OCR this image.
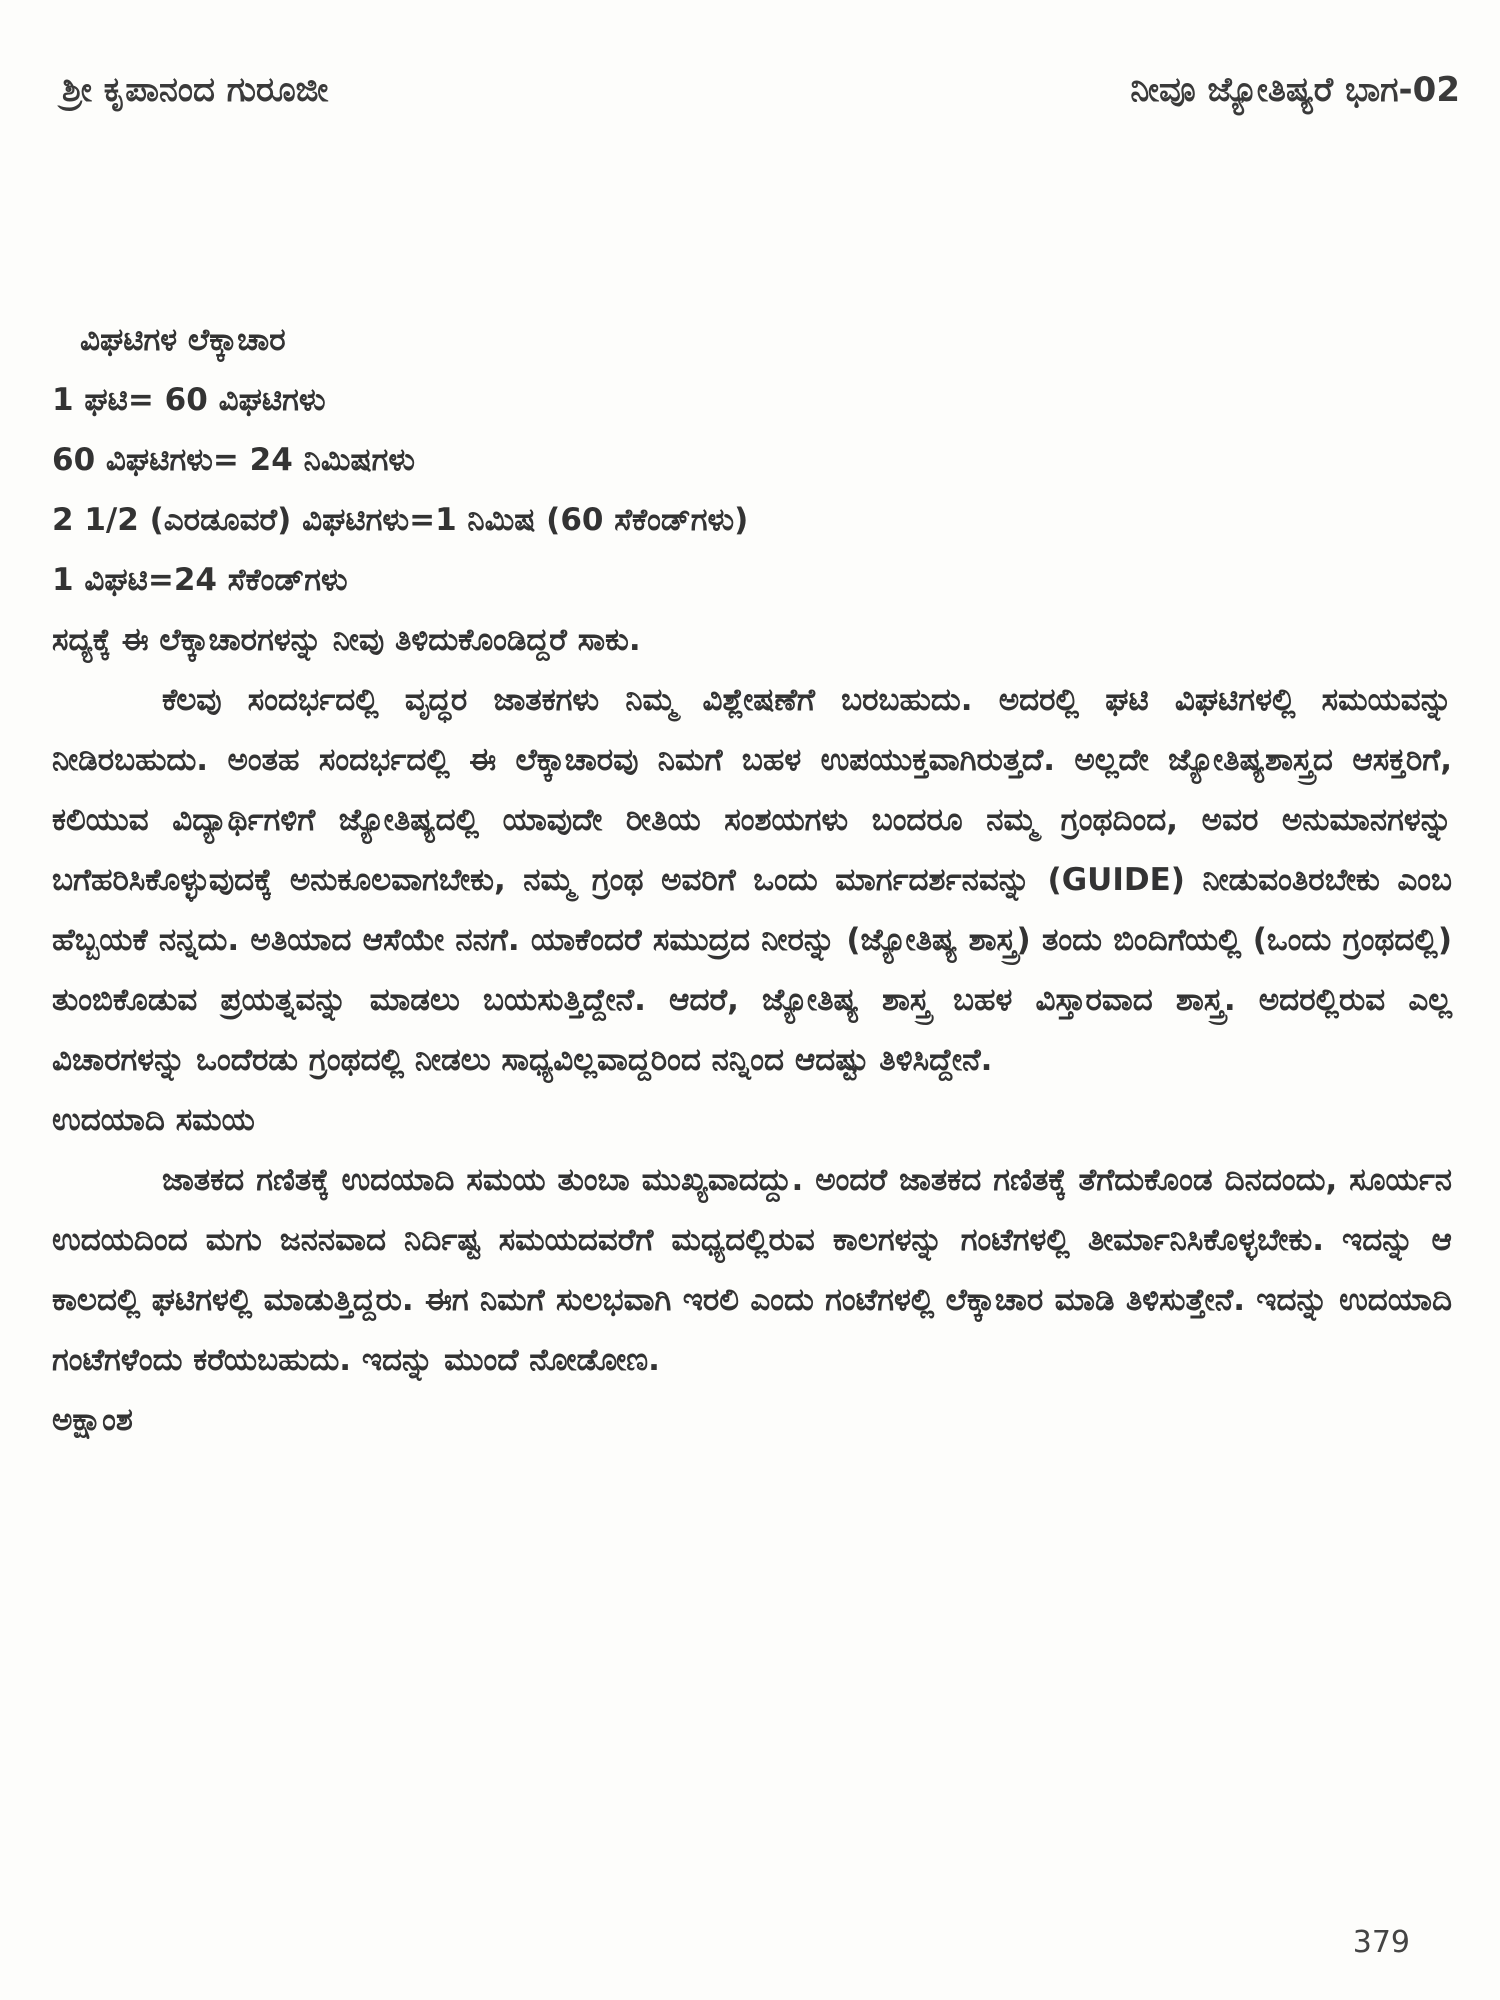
ಶ್ರೀ ಕೃಪಾನಂದ ಗುರೂಜೀ	ನೀವೂ ಜ್ಯೋತಿಷ್ಯರೆ ಭಾಗ-02
ವಿಘಟಿಗಳ ಲೆಕ್ಕಾಚಾರ
1 ಘಟಿ= 60 ವಿಘಟಿಗಳು
60 ವಿಘಟಿಗಳು= 24 ನಿಮಿಷಗಳು
2 1/2 (ಎರಡೂವರೆ) ವಿಘಟಿಗಳು=1 ನಿಮಿಷ (60 ಸೆಕೆಂಡ್‌ಗಳು)
1 ವಿಘಟಿ=24 ಸೆಕೆಂಡ್‌ಗಳು

ಸದ್ಯಕ್ಕೆ ಈ ಲೆಕ್ಕಾಚಾರಗಳನ್ನು ನೀವು ತಿಳಿದುಕೊಂಡಿದ್ದರೆ ಸಾಕು.

ಕೆಲವು ಸಂದರ್ಭದಲ್ಲಿ ವೃದ್ಧರ ಜಾತಕಗಳು ನಿಮ್ಮ ವಿಶ್ಲೇಷಣೆಗೆ ಬರಬಹುದು. ಅದರಲ್ಲಿ ಘಟಿ ವಿಘಟಿಗಳಲ್ಲಿ ಸಮಯವನ್ನು ನೀಡಿರಬಹುದು. ಅಂತಹ ಸಂದರ್ಭದಲ್ಲಿ ಈ ಲೆಕ್ಕಾಚಾರವು ನಿಮಗೆ ಬಹಳ ಉಪಯುಕ್ತವಾಗಿರುತ್ತದೆ. ಅಲ್ಲದೇ ಜ್ಯೋತಿಷ್ಯಶಾಸ್ತ್ರದ ಆಸಕ್ತರಿಗೆ, ಕಲಿಯುವ ವಿದ್ಯಾರ್ಥಿಗಳಿಗೆ ಜ್ಯೋತಿಷ್ಯದಲ್ಲಿ ಯಾವುದೇ ರೀತಿಯ ಸಂಶಯಗಳು ಬಂದರೂ ನಮ್ಮ ಗ್ರಂಥದಿಂದ, ಅವರ ಅನುಮಾನಗಳನ್ನು ಬಗೆಹರಿಸಿಕೊಳ್ಳುವುದಕ್ಕೆ ಅನುಕೂಲವಾಗಬೇಕು, ನಮ್ಮ ಗ್ರಂಥ ಅವರಿಗೆ ಒಂದು ಮಾರ್ಗದರ್ಶನವನ್ನು (GUIDE) ನೀಡುವಂತಿರಬೇಕು ಎಂಬ ಹೆಬ್ಬಯಕೆ ನನ್ನದು. ಅತಿಯಾದ ಆಸೆಯೇ ನನಗೆ. ಯಾಕೆಂದರೆ ಸಮುದ್ರದ ನೀರನ್ನು (ಜ್ಯೋತಿಷ್ಯ ಶಾಸ್ತ್ರ) ತಂದು ಬಿಂದಿಗೆಯಲ್ಲಿ (ಒಂದು ಗ್ರಂಥದಲ್ಲಿ) ತುಂಬಿಕೊಡುವ ಪ್ರಯತ್ನವನ್ನು ಮಾಡಲು ಬಯಸುತ್ತಿದ್ದೇನೆ. ಆದರೆ, ಜ್ಯೋತಿಷ್ಯ ಶಾಸ್ತ್ರ ಬಹಳ ವಿಸ್ತಾರವಾದ ಶಾಸ್ತ್ರ. ಅದರಲ್ಲಿರುವ ಎಲ್ಲ ವಿಚಾರಗಳನ್ನು ಒಂದೆರಡು ಗ್ರಂಥದಲ್ಲಿ ನೀಡಲು ಸಾಧ್ಯವಿಲ್ಲವಾದ್ದರಿಂದ ನನ್ನಿಂದ ಆದಷ್ಟು ತಿಳಿಸಿದ್ದೇನೆ.

ಉದಯಾದಿ ಸಮಯ

ಜಾತಕದ ಗಣಿತಕ್ಕೆ ಉದಯಾದಿ ಸಮಯ ತುಂಬಾ ಮುಖ್ಯವಾದದ್ದು. ಅಂದರೆ ಜಾತಕದ ಗಣಿತಕ್ಕೆ ತೆಗೆದುಕೊಂಡ ದಿನದಂದು, ಸೂರ್ಯನ ಉದಯದಿಂದ ಮಗು ಜನನವಾದ ನಿರ್ದಿಷ್ಟ ಸಮಯದವರೆಗೆ ಮಧ್ಯದಲ್ಲಿರುವ ಕಾಲಗಳನ್ನು ಗಂಟೆಗಳಲ್ಲಿ ತೀರ್ಮಾನಿಸಿಕೊಳ್ಳಬೇಕು. ಇದನ್ನು ಆ ಕಾಲದಲ್ಲಿ ಘಟಿಗಳಲ್ಲಿ ಮಾಡುತ್ತಿದ್ದರು. ಈಗ ನಿಮಗೆ ಸುಲಭವಾಗಿ ಇರಲಿ ಎಂದು ಗಂಟೆಗಳಲ್ಲಿ ಲೆಕ್ಕಾಚಾರ ಮಾಡಿ ತಿಳಿಸುತ್ತೇನೆ. ಇದನ್ನು ಉದಯಾದಿ ಗಂಟೆಗಳೆಂದು ಕರೆಯಬಹುದು. ಇದನ್ನು ಮುಂದೆ ನೋಡೋಣ.

ಅಕ್ಷಾಂಶ
379
